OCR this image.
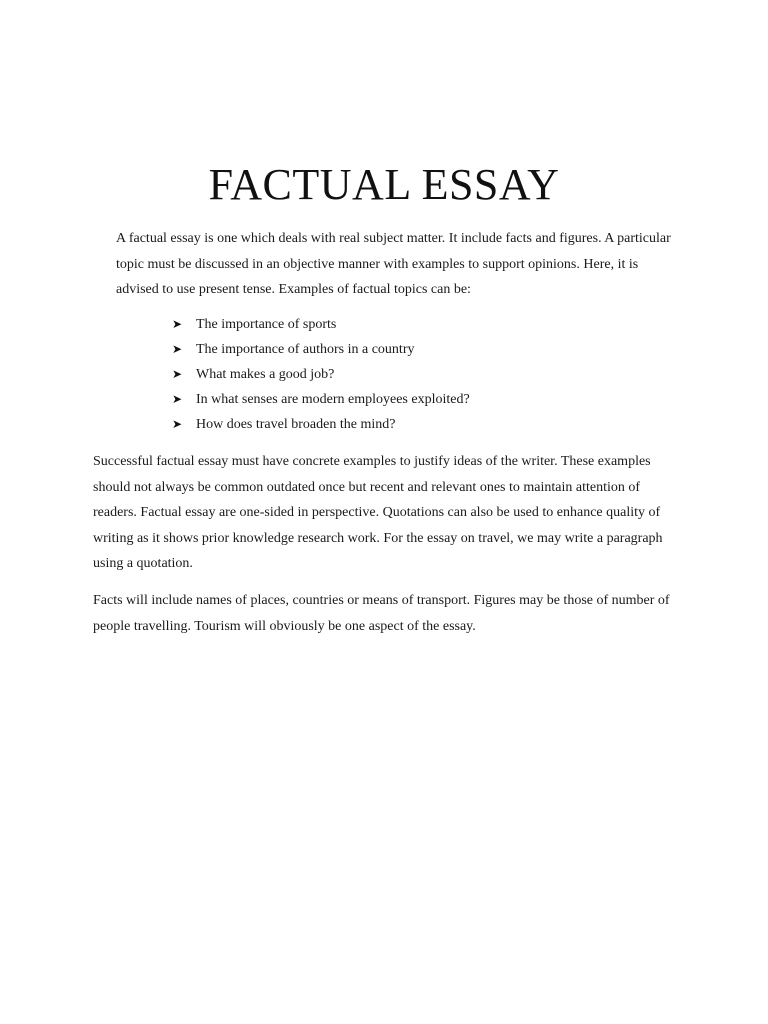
FACTUAL ESSAY

A factual essay is one which deals with real subject matter. It include facts and figures. A particular topic must be discussed in an objective manner with examples to support opinions. Here, it is advised to use present tense. Examples of factual topics can be:

➤ The importance of sports
➤ The importance of authors in a country
➤ What makes a good job?
➤ In what senses are modern employees exploited?
➤ How does travel broaden the mind?

Successful factual essay must have concrete examples to justify ideas of the writer. These examples should not always be common outdated once but recent and relevant ones to maintain attention of readers. Factual essay are one-sided in perspective. Quotations can also be used to enhance quality of writing as it shows prior knowledge research work. For the essay on travel, we may write a paragraph using a quotation.

Facts will include names of places, countries or means of transport. Figures may be those of number of people travelling. Tourism will obviously be one aspect of the essay.
